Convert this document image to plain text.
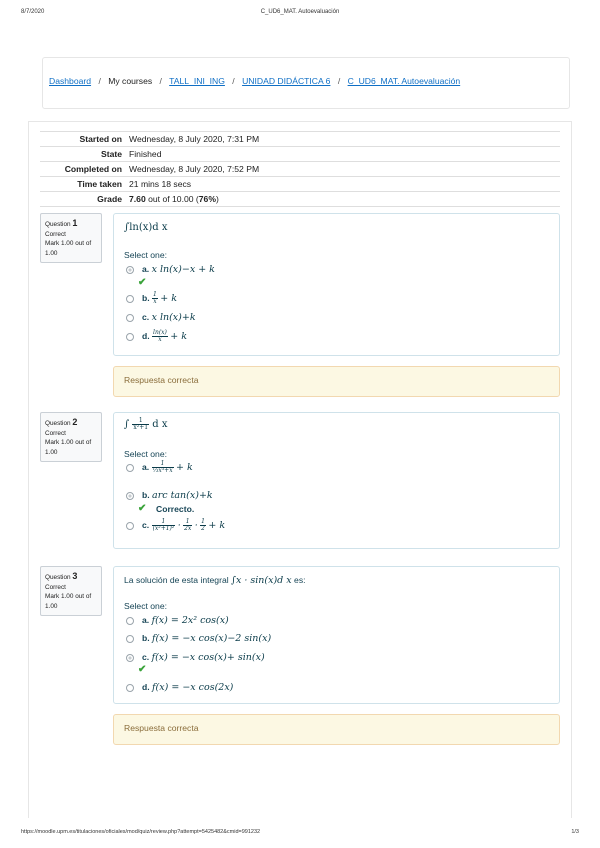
8/7/2020	C_UD6_MAT. Autoevaluación
Dashboard / My courses / TALL_INI_ING / UNIDAD DIDÁCTICA 6 / C_UD6_MAT. Autoevaluación
Started on	Wednesday, 8 July 2020, 7:31 PM
State	Finished
Completed on	Wednesday, 8 July 2020, 7:52 PM
Time taken	21 mins 18 secs
Grade	7.60 out of 10.00 (76%)
Question 1
Correct
Mark 1.00 out of 1.00
∫ln(x)d x
Select one:
a. x ln(x)−x + k
✔
b. $\frac{1}{x} + k$
c. x ln(x)+k
d. $\frac{\ln(x)}{x} + k$
Respuesta correcta
Question 2
Correct
Mark 1.00 out of 1.00
∫ $\frac{1}{\text{x²+1}}$ d x
Select one:
a. $\frac{1}{\text{⅓x³+x}} + k$
b. arc tan(x)+k
✔ Correcto.
c. $\frac{1}{\text{(x²+1)²}} \cdot \frac{1}{2x} \cdot \frac{1}{2} + k$
Question 3
Correct
Mark 1.00 out of 1.00
La solución de esta integral ∫x · sin(x)d x es:
Select one:
a. f(x) = 2x² cos(x)
b. f(x) = −x cos(x)−2 sin(x)
c. f(x) = −x cos(x)+ sin(x)
✔
d. f(x) = −x cos(2x)
Respuesta correcta
https://moodle.upm.es/titulaciones/oficiales/mod/quiz/review.php?attempt=5425482&cmid=991232	1/3
